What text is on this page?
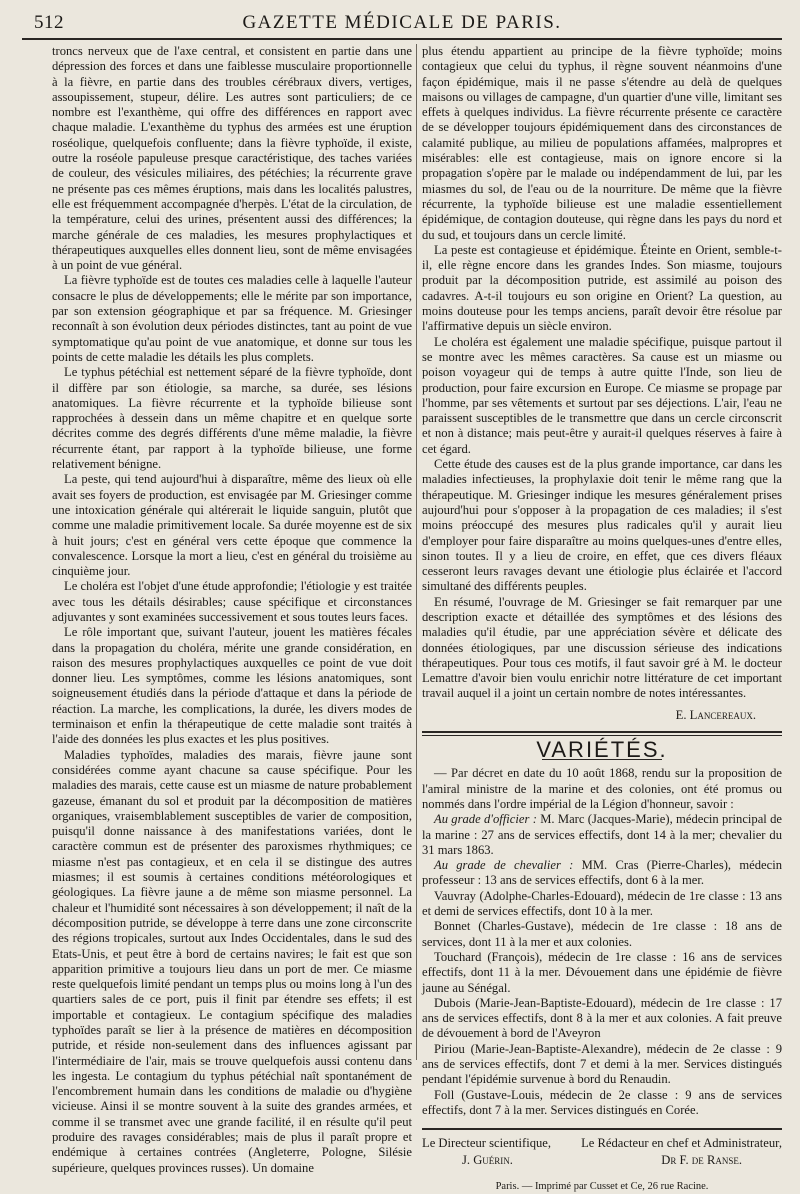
512	GAZETTE MÉDICALE DE PARIS.

troncs nerveux que de l'axe central, et consistent en partie dans une dépression des forces et dans une faiblesse musculaire proportionnelle à la fièvre, en partie dans des troubles cérébraux divers, vertiges, assoupissement, stupeur, délire. Les autres sont particuliers; de ce nombre est l'exanthème, qui offre des différences en rapport avec chaque maladie. L'exanthème du typhus des armées est une éruption roséolique, quelquefois confluente; dans la fièvre typhoïde, il existe, outre la roséole papuleuse presque caractéristique, des taches variées de couleur, des vésicules miliaires, des pétéchies; la récurrente grave ne présente pas ces mêmes éruptions, mais dans les localités palustres, elle est fréquemment accompagnée d'herpès. L'état de la circulation, de la température, celui des urines, présentent aussi des différences; la marche générale de ces maladies, les mesures prophylactiques et thérapeutiques auxquelles elles donnent lieu, sont de même envisagées à un point de vue général.

La fièvre typhoïde est de toutes ces maladies celle à laquelle l'auteur consacre le plus de développements; elle le mérite par son importance, par son extension géographique et par sa fréquence. M. Griesinger reconnaît à son évolution deux périodes distinctes, tant au point de vue symptomatique qu'au point de vue anatomique, et donne sur tous les points de cette maladie les détails les plus complets.

Le typhus pétéchial est nettement séparé de la fièvre typhoïde, dont il diffère par son étiologie, sa marche, sa durée, ses lésions anatomiques. La fièvre récurrente et la typhoïde bilieuse sont rapprochées à dessein dans un même chapitre et en quelque sorte décrites comme des degrés différents d'une même maladie, la fièvre récurrente étant, par rapport à la typhoïde bilieuse, une forme relativement bénigne.

La peste, qui tend aujourd'hui à disparaître, même des lieux où elle avait ses foyers de production, est envisagée par M. Griesinger comme une intoxication générale qui altérerait le liquide sanguin, plutôt que comme une maladie primitivement locale. Sa durée moyenne est de six à huit jours; c'est en général vers cette époque que commence la convalescence. Lorsque la mort a lieu, c'est en général du troisième au cinquième jour.

Le choléra est l'objet d'une étude approfondie; l'étiologie y est traitée avec tous les détails désirables; cause spécifique et circonstances adjuvantes y sont examinées successivement et sous toutes leurs faces.

Le rôle important que, suivant l'auteur, jouent les matières fécales dans la propagation du choléra, mérite une grande considération, en raison des mesures prophylactiques auxquelles ce point de vue doit donner lieu. Les symptômes, comme les lésions anatomiques, sont soigneusement étudiés dans la période d'attaque et dans la période de réaction. La marche, les complications, la durée, les divers modes de terminaison et enfin la thérapeutique de cette maladie sont traités à l'aide des données les plus exactes et les plus positives.

Maladies typhoïdes, maladies des marais, fièvre jaune sont considérées comme ayant chacune sa cause spécifique. Pour les maladies des marais, cette cause est un miasme de nature probablement gazeuse, émanant du sol et produit par la décomposition de matières organiques, vraisemblablement susceptibles de varier de composition, puisqu'il donne naissance à des manifestations variées, dont le caractère commun est de présenter des paroxismes rhythmiques; ce miasme n'est pas contagieux, et en cela il se distingue des autres miasmes; il est soumis à certaines conditions météorologiques et géologiques. La fièvre jaune a de même son miasme personnel. La chaleur et l'humidité sont nécessaires à son développement; il naît de la décomposition putride, se développe à terre dans une zone circonscrite des régions tropicales, surtout aux Indes Occidentales, dans le sud des Etats-Unis, et peut être à bord de certains navires; le fait est que son apparition primitive a toujours lieu dans un port de mer. Ce miasme reste quelquefois limité pendant un temps plus ou moins long à l'un des quartiers sales de ce port, puis il finit par étendre ses effets; il est importable et contagieux. Le contagium spécifique des maladies typhoïdes paraît se lier à la présence de matières en décomposition putride, et réside non-seulement dans des influences agissant par l'intermédiaire de l'air, mais se trouve quelquefois aussi contenu dans les ingesta. Le contagium du typhus pétéchial naît spontanément de l'encombrement humain dans les conditions de maladie ou d'hygiène vicieuse. Ainsi il se montre souvent à la suite des grandes armées, et comme il se transmet avec une grande facilité, il en résulte qu'il peut produire des ravages considérables; mais de plus il paraît propre et endémique à certaines contrées (Angleterre, Pologne, Silésie supérieure, quelques provinces russes). Un domaine

plus étendu appartient au principe de la fièvre typhoïde; moins contagieux que celui du typhus, il règne souvent néanmoins d'une façon épidémique, mais il ne passe s'étendre au delà de quelques maisons ou villages de campagne, d'un quartier d'une ville, limitant ses effets à quelques individus. La fièvre récurrente présente ce caractère de se développer toujours épidémiquement dans des circonstances de calamité publique, au milieu de populations affamées, malpropres et misérables: elle est contagieuse, mais on ignore encore si la propagation s'opère par le malade ou indépendamment de lui, par les miasmes du sol, de l'eau ou de la nourriture. De même que la fièvre récurrente, la typhoïde bilieuse est une maladie essentiellement épidémique, de contagion douteuse, qui règne dans les pays du nord et du sud, et toujours dans un cercle limité.

La peste est contagieuse et épidémique. Éteinte en Orient, semble-t-il, elle règne encore dans les grandes Indes. Son miasme, toujours produit par la décomposition putride, est assimilé au poison des cadavres. A-t-il toujours eu son origine en Orient? La question, au moins douteuse pour les temps anciens, paraît devoir être résolue par l'affirmative depuis un siècle environ.

Le choléra est également une maladie spécifique, puisque partout il se montre avec les mêmes caractères. Sa cause est un miasme ou poison voyageur qui de temps à autre quitte l'Inde, son lieu de production, pour faire excursion en Europe. Ce miasme se propage par l'homme, par ses vêtements et surtout par ses déjections. L'air, l'eau ne paraissent susceptibles de le transmettre que dans un cercle circonscrit et non à distance; mais peut-être y aurait-il quelques réserves à faire à cet égard.

Cette étude des causes est de la plus grande importance, car dans les maladies infectieuses, la prophylaxie doit tenir le même rang que la thérapeutique. M. Griesinger indique les mesures généralement prises aujourd'hui pour s'opposer à la propagation de ces maladies; il s'est moins préoccupé des mesures plus radicales qu'il y aurait lieu d'employer pour faire disparaître au moins quelques-unes d'entre elles, sinon toutes. Il y a lieu de croire, en effet, que ces divers fléaux cesseront leurs ravages devant une étiologie plus éclairée et l'accord simultané des différents peuples.

En résumé, l'ouvrage de M. Griesinger se fait remarquer par une description exacte et détaillée des symptômes et des lésions des maladies qu'il étudie, par une appréciation sévère et délicate des données étiologiques, par une discussion sérieuse des indications thérapeutiques. Pour tous ces motifs, il faut savoir gré à M. le docteur Lemattre d'avoir bien voulu enrichir notre littérature de cet important travail auquel il a joint un certain nombre de notes intéressantes.

E. Lancereaux.
VARIÉTÉS.

— Par décret en date du 10 août 1868, rendu sur la proposition de l'amiral ministre de la marine et des colonies, ont été promus ou nommés dans l'ordre impérial de la Légion d'honneur, savoir :

Au grade d'officier : M. Marc (Jacques-Marie), médecin principal de la marine : 27 ans de services effectifs, dont 14 à la mer; chevalier du 31 mars 1863.

Au grade de chevalier : MM. Cras (Pierre-Charles), médecin professeur : 13 ans de services effectifs, dont 6 à la mer.

Vauvray (Adolphe-Charles-Edouard), médecin de 1re classe : 13 ans et demi de services effectifs, dont 10 à la mer.

Bonnet (Charles-Gustave), médecin de 1re classe : 18 ans de services, dont 11 à la mer et aux colonies.

Touchard (François), médecin de 1re classe : 16 ans de services effectifs, dont 11 à la mer. Dévouement dans une épidémie de fièvre jaune au Sénégal.

Dubois (Marie-Jean-Baptiste-Edouard), médecin de 1re classe : 17 ans de services effectifs, dont 8 à la mer et aux colonies. A fait preuve de dévouement à bord de l'Aveyron

Piriou (Marie-Jean-Baptiste-Alexandre), médecin de 2e classe : 9 ans de services effectifs, dont 7 et demi à la mer. Services distingués pendant l'épidémie survenue à bord du Renaudin.

Foll (Gustave-Louis, médecin de 2e classe : 9 ans de services effectifs, dont 7 à la mer. Services distingués en Corée.

Le Directeur scientifique, Le Rédacteur en chef et Administrateur,
J. Guérin.	Dr F. de Ranse.
Paris. — Imprimé par Cusset et Ce, 26 rue Racine.
